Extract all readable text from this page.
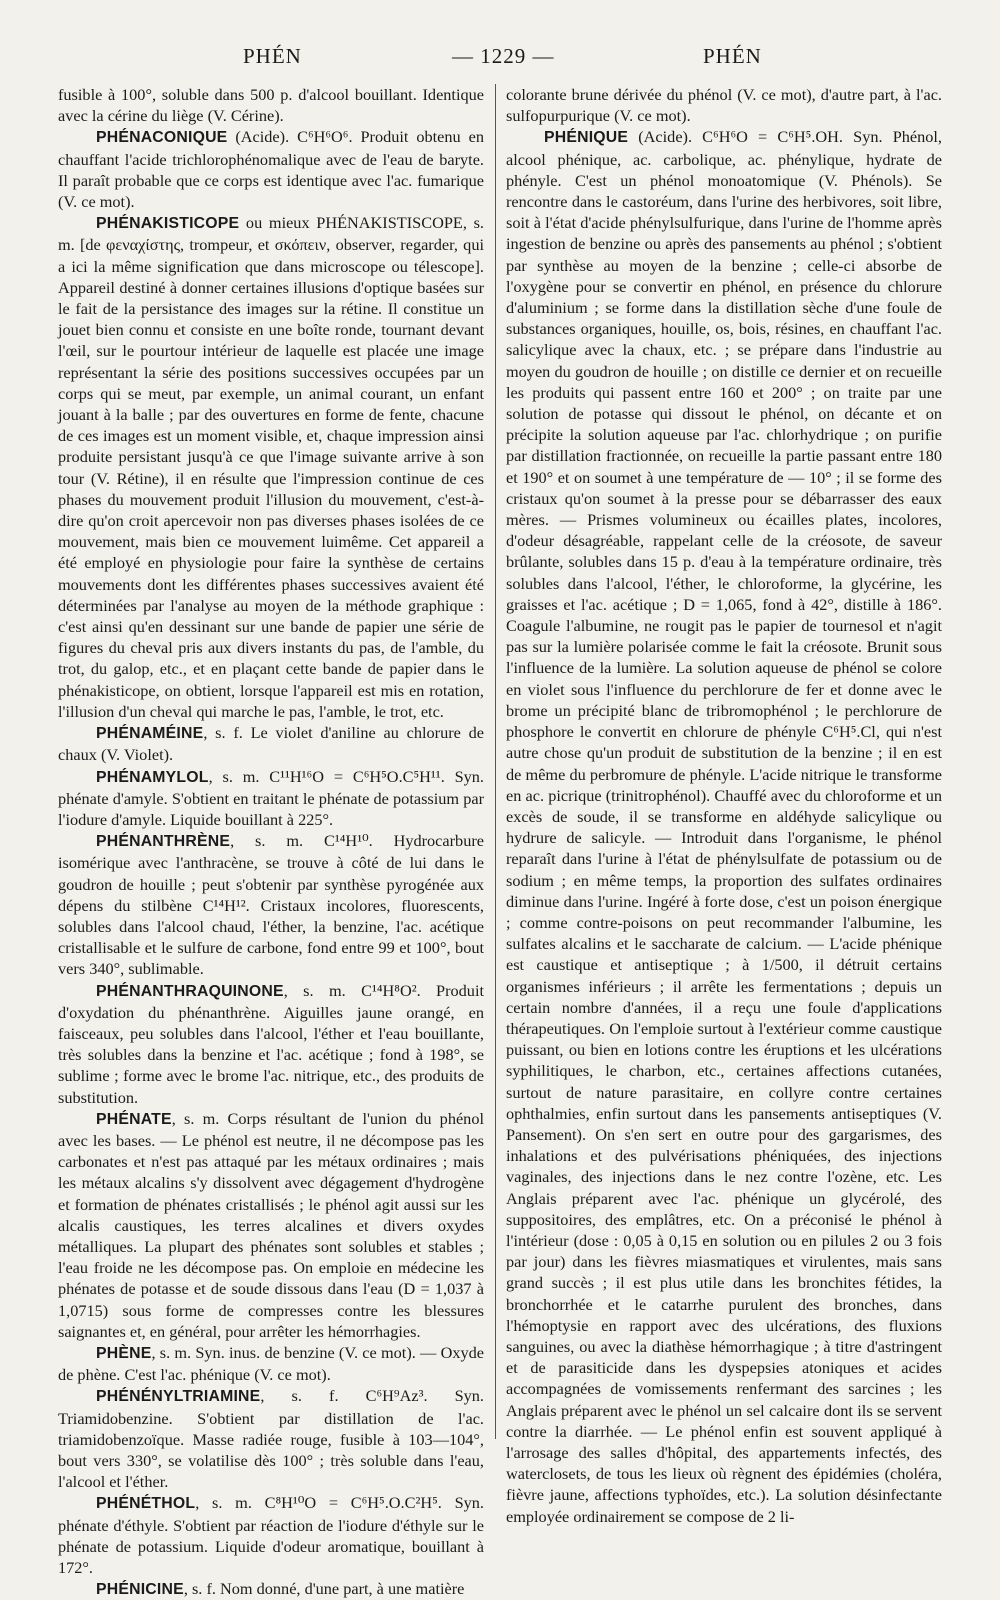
PHÉN	— 1229 —	PHÉN

fusible à 100°, soluble dans 500 p. d'alcool bouillant. Identique avec la cérine du liège (V. Cérine).

PHÉNACONIQUE (Acide). C⁶H⁶O⁶. Produit obtenu en chauffant l'acide trichlorophénomalique avec de l'eau de baryte. Il paraît probable que ce corps est identique avec l'ac. fumarique (V. ce mot).

PHÉNAKISTICOPE ou mieux PHÉNAKISTISCOPE, s. m. [de φεναχίστης, trompeur, et σκόπειν, observer, regarder, qui a ici la même signification que dans microscope ou télescope]. Appareil destiné à donner certaines illusions d'optique basées sur le fait de la persistance des images sur la rétine. Il constitue un jouet bien connu et consiste en une boîte ronde, tournant devant l'œil, sur le pourtour intérieur de laquelle est placée une image représentant la série des positions successives occupées par un corps qui se meut, par exemple, un animal courant, un enfant jouant à la balle ; par des ouvertures en forme de fente, chacune de ces images est un moment visible, et, chaque impression ainsi produite persistant jusqu'à ce que l'image suivante arrive à son tour (V. Rétine), il en résulte que l'impression continue de ces phases du mouvement produit l'illusion du mouvement, c'est-à-dire qu'on croit apercevoir non pas diverses phases isolées de ce mouvement, mais bien ce mouvement luimême. Cet appareil a été employé en physiologie pour faire la synthèse de certains mouvements dont les différentes phases successives avaient été déterminées par l'analyse au moyen de la méthode graphique : c'est ainsi qu'en dessinant sur une bande de papier une série de figures du cheval pris aux divers instants du pas, de l'amble, du trot, du galop, etc., et en plaçant cette bande de papier dans le phénakisticope, on obtient, lorsque l'appareil est mis en rotation, l'illusion d'un cheval qui marche le pas, l'amble, le trot, etc.

PHÉNAMÉINE, s. f. Le violet d'aniline au chlorure de chaux (V. Violet).

PHÉNAMYLOL, s. m. C¹¹H¹⁶O = C⁶H⁵O.C⁵H¹¹. Syn. phénate d'amyle. S'obtient en traitant le phénate de potassium par l'iodure d'amyle. Liquide bouillant à 225°.

PHÉNANTHRÈNE, s. m. C¹⁴H¹⁰. Hydrocarbure isomérique avec l'anthracène, se trouve à côté de lui dans le goudron de houille ; peut s'obtenir par synthèse pyrogénée aux dépens du stilbène C¹⁴H¹². Cristaux incolores, fluorescents, solubles dans l'alcool chaud, l'éther, la benzine, l'ac. acétique cristallisable et le sulfure de carbone, fond entre 99 et 100°, bout vers 340°, sublimable.

PHÉNANTHRAQUINONE, s. m. C¹⁴H⁸O². Produit d'oxydation du phénanthrène. Aiguilles jaune orangé, en faisceaux, peu solubles dans l'alcool, l'éther et l'eau bouillante, très solubles dans la benzine et l'ac. acétique ; fond à 198°, se sublime ; forme avec le brome l'ac. nitrique, etc., des produits de substitution.

PHÉNATE, s. m. Corps résultant de l'union du phénol avec les bases. — Le phénol est neutre, il ne décompose pas les carbonates et n'est pas attaqué par les métaux ordinaires ; mais les métaux alcalins s'y dissolvent avec dégagement d'hydrogène et formation de phénates cristallisés ; le phénol agit aussi sur les alcalis caustiques, les terres alcalines et divers oxydes métalliques. La plupart des phénates sont solubles et stables ; l'eau froide ne les décompose pas. On emploie en médecine les phénates de potasse et de soude dissous dans l'eau (D = 1,037 à 1,0715) sous forme de compresses contre les blessures saignantes et, en général, pour arrêter les hémorrhagies.

PHÈNE, s. m. Syn. inus. de benzine (V. ce mot). — Oxyde de phène. C'est l'ac. phénique (V. ce mot).

PHÉNÉNYLTRIAMINE, s. f. C⁶H⁹Az³. Syn. Triamidobenzine. S'obtient par distillation de l'ac. triamidobenzoïque. Masse radiée rouge, fusible à 103—104°, bout vers 330°, se volatilise dès 100° ; très soluble dans l'eau, l'alcool et l'éther.

PHÉNÉTHOL, s. m. C⁸H¹⁰O = C⁶H⁵.O.C²H⁵. Syn. phénate d'éthyle. S'obtient par réaction de l'iodure d'éthyle sur le phénate de potassium. Liquide d'odeur aromatique, bouillant à 172°.

PHÉNICINE, s. f. Nom donné, d'une part, à une matière

colorante brune dérivée du phénol (V. ce mot), d'autre part, à l'ac. sulfopurpurique (V. ce mot).

PHÉNIQUE (Acide). C⁶H⁶O = C⁶H⁵.OH. Syn. Phénol, alcool phénique, ac. carbolique, ac. phénylique, hydrate de phényle. C'est un phénol monoatomique (V. Phénols). Se rencontre dans le castoréum, dans l'urine des herbivores, soit libre, soit à l'état d'acide phénylsulfurique, dans l'urine de l'homme après ingestion de benzine ou après des pansements au phénol ; s'obtient par synthèse au moyen de la benzine ; celle-ci absorbe de l'oxygène pour se convertir en phénol, en présence du chlorure d'aluminium ; se forme dans la distillation sèche d'une foule de substances organiques, houille, os, bois, résines, en chauffant l'ac. salicylique avec la chaux, etc. ; se prépare dans l'industrie au moyen du goudron de houille ; on distille ce dernier et on recueille les produits qui passent entre 160 et 200° ; on traite par une solution de potasse qui dissout le phénol, on décante et on précipite la solution aqueuse par l'ac. chlorhydrique ; on purifie par distillation fractionnée, on recueille la partie passant entre 180 et 190° et on soumet à une température de — 10° ; il se forme des cristaux qu'on soumet à la presse pour se débarrasser des eaux mères. — Prismes volumineux ou écailles plates, incolores, d'odeur désagréable, rappelant celle de la créosote, de saveur brûlante, solubles dans 15 p. d'eau à la température ordinaire, très solubles dans l'alcool, l'éther, le chloroforme, la glycérine, les graisses et l'ac. acétique ; D = 1,065, fond à 42°, distille à 186°. Coagule l'albumine, ne rougit pas le papier de tournesol et n'agit pas sur la lumière polarisée comme le fait la créosote. Brunit sous l'influence de la lumière. La solution aqueuse de phénol se colore en violet sous l'influence du perchlorure de fer et donne avec le brome un précipité blanc de tribromophénol ; le perchlorure de phosphore le convertit en chlorure de phényle C⁶H⁵.Cl, qui n'est autre chose qu'un produit de substitution de la benzine ; il en est de même du perbromure de phényle. L'acide nitrique le transforme en ac. picrique (trinitrophénol). Chauffé avec du chloroforme et un excès de soude, il se transforme en aldéhyde salicylique ou hydrure de salicyle. — Introduit dans l'organisme, le phénol reparaît dans l'urine à l'état de phénylsulfate de potassium ou de sodium ; en même temps, la proportion des sulfates ordinaires diminue dans l'urine. Ingéré à forte dose, c'est un poison énergique ; comme contre-poisons on peut recommander l'albumine, les sulfates alcalins et le saccharate de calcium. — L'acide phénique est caustique et antiseptique ; à 1/500, il détruit certains organismes inférieurs ; il arrête les fermentations ; depuis un certain nombre d'années, il a reçu une foule d'applications thérapeutiques. On l'emploie surtout à l'extérieur comme caustique puissant, ou bien en lotions contre les éruptions et les ulcérations syphilitiques, le charbon, etc., certaines affections cutanées, surtout de nature parasitaire, en collyre contre certaines ophthalmies, enfin surtout dans les pansements antiseptiques (V. Pansement). On s'en sert en outre pour des gargarismes, des inhalations et des pulvérisations phéniquées, des injections vaginales, des injections dans le nez contre l'ozène, etc. Les Anglais préparent avec l'ac. phénique un glycérolé, des suppositoires, des emplâtres, etc. On a préconisé le phénol à l'intérieur (dose : 0,05 à 0,15 en solution ou en pilules 2 ou 3 fois par jour) dans les fièvres miasmatiques et virulentes, mais sans grand succès ; il est plus utile dans les bronchites fétides, la bronchorrhée et le catarrhe purulent des bronches, dans l'hémoptysie en rapport avec des ulcérations, des fluxions sanguines, ou avec la diathèse hémorrhagique ; à titre d'astringent et de parasiticide dans les dyspepsies atoniques et acides accompagnées de vomissements renfermant des sarcines ; les Anglais préparent avec le phénol un sel calcaire dont ils se servent contre la diarrhée. — Le phénol enfin est souvent appliqué à l'arrosage des salles d'hôpital, des appartements infectés, des waterclosets, de tous les lieux où règnent des épidémies (choléra, fièvre jaune, affections typhoïdes, etc.). La solution désinfectante employée ordinairement se compose de 2 li-
